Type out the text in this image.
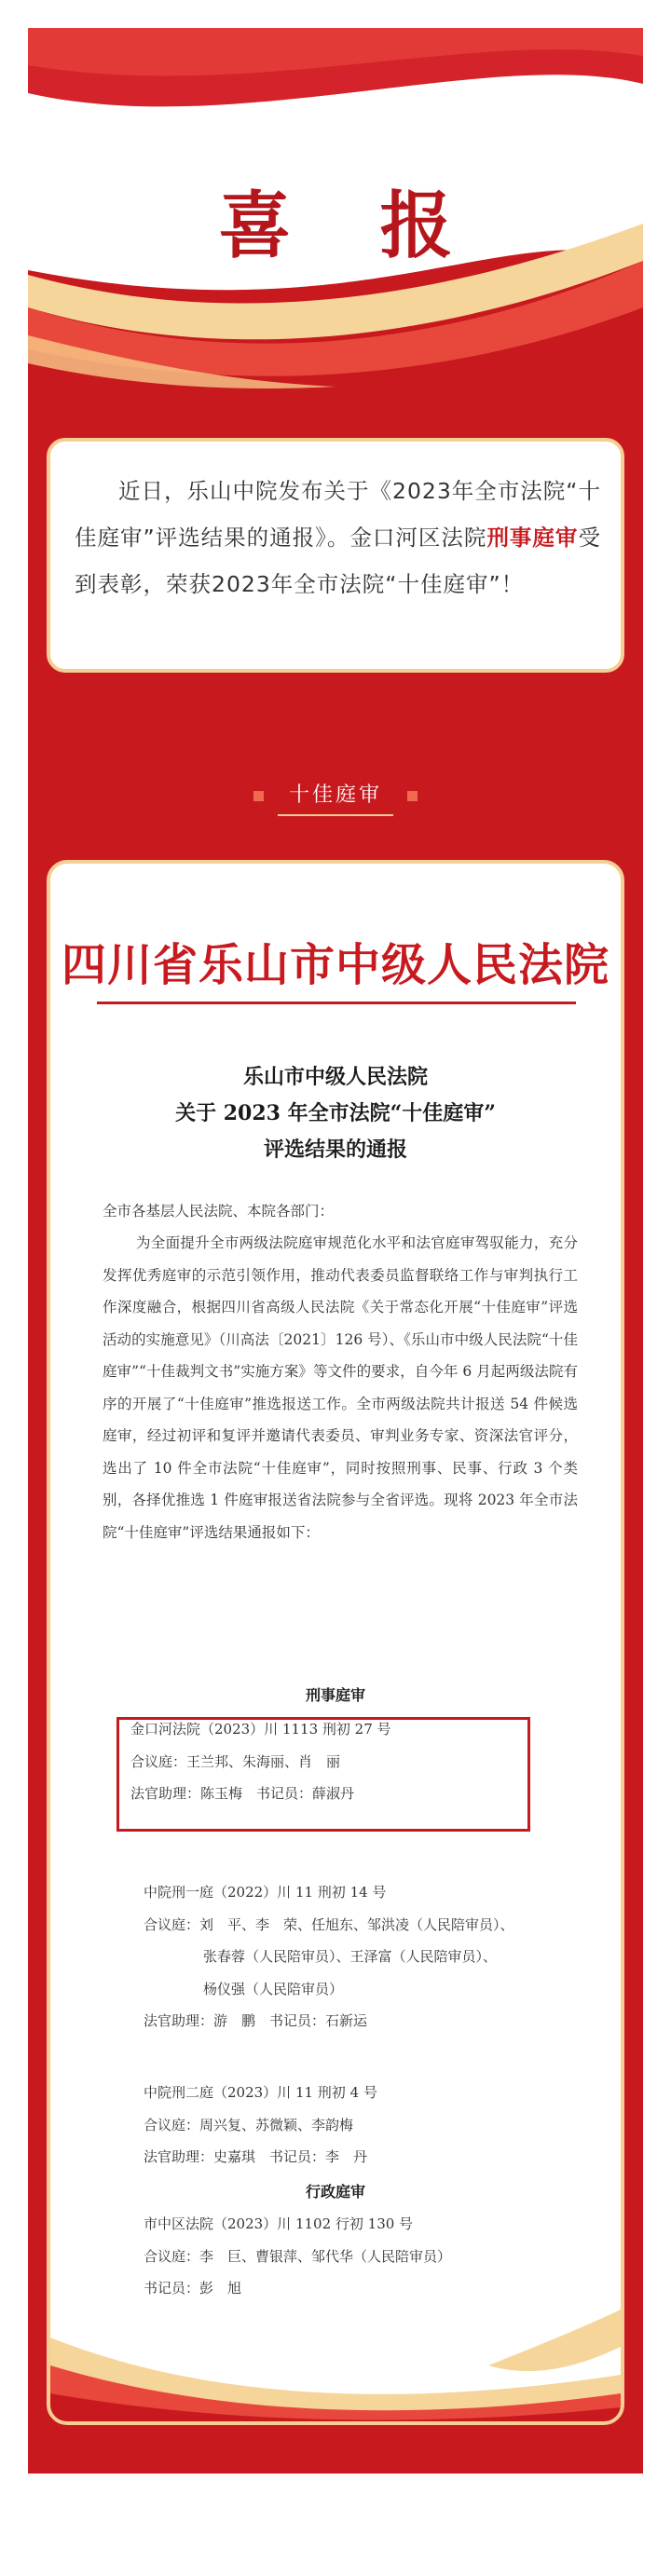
喜 报
近日，乐山中院发布关于《2023年全市法院“十佳庭审”评选结果的通报》。金口河区法院刑事庭审受到表彰，荣获2023年全市法院“十佳庭审”！
十佳庭审
四川省乐山市中级人民法院
乐山市中级人民法院
关于 2023 年全市法院“十佳庭审”
评选结果的通报
全市各基层人民法院、本院各部门：
为全面提升全市两级法院庭审规范化水平和法官庭审驾驭能力，充分发挥优秀庭审的示范引领作用，推动代表委员监督联络工作与审判执行工作深度融合，根据四川省高级人民法院《关于常态化开展“十佳庭审”评选活动的实施意见》（川高法〔2021〕126 号）、《乐山市中级人民法院“十佳庭审”“十佳裁判文书”实施方案》等文件的要求，自今年 6 月起两级法院有序的开展了“十佳庭审”推选报送工作。全市两级法院共计报送 54 件候选庭审，经过初评和复评并邀请代表委员、审判业务专家、资深法官评分，选出了 10 件全市法院“十佳庭审”，同时按照刑事、民事、行政 3 个类别，各择优推选 1 件庭审报送省法院参与全省评选。现将 2023 年全市法院“十佳庭审”评选结果通报如下：
刑事庭审
金口河法院（2023）川 1113 刑初 27 号
合议庭：王兰邦、朱海丽、肖　丽
法官助理：陈玉梅　书记员：薛淑丹
中院刑一庭（2022）川 11 刑初 14 号
合议庭：刘　平、李　荣、任旭东、邹洪凌（人民陪审员）、
张春蓉（人民陪审员）、王泽富（人民陪审员）、
杨仪强（人民陪审员）
法官助理：游　鹏　书记员：石新运
中院刑二庭（2023）川 11 刑初 4 号
合议庭：周兴复、苏微颖、李韵梅
法官助理：史嘉琪　书记员：李　丹
行政庭审
市中区法院（2023）川 1102 行初 130 号
合议庭：李　巨、曹银萍、邹代华（人民陪审员）
书记员：彭　旭
